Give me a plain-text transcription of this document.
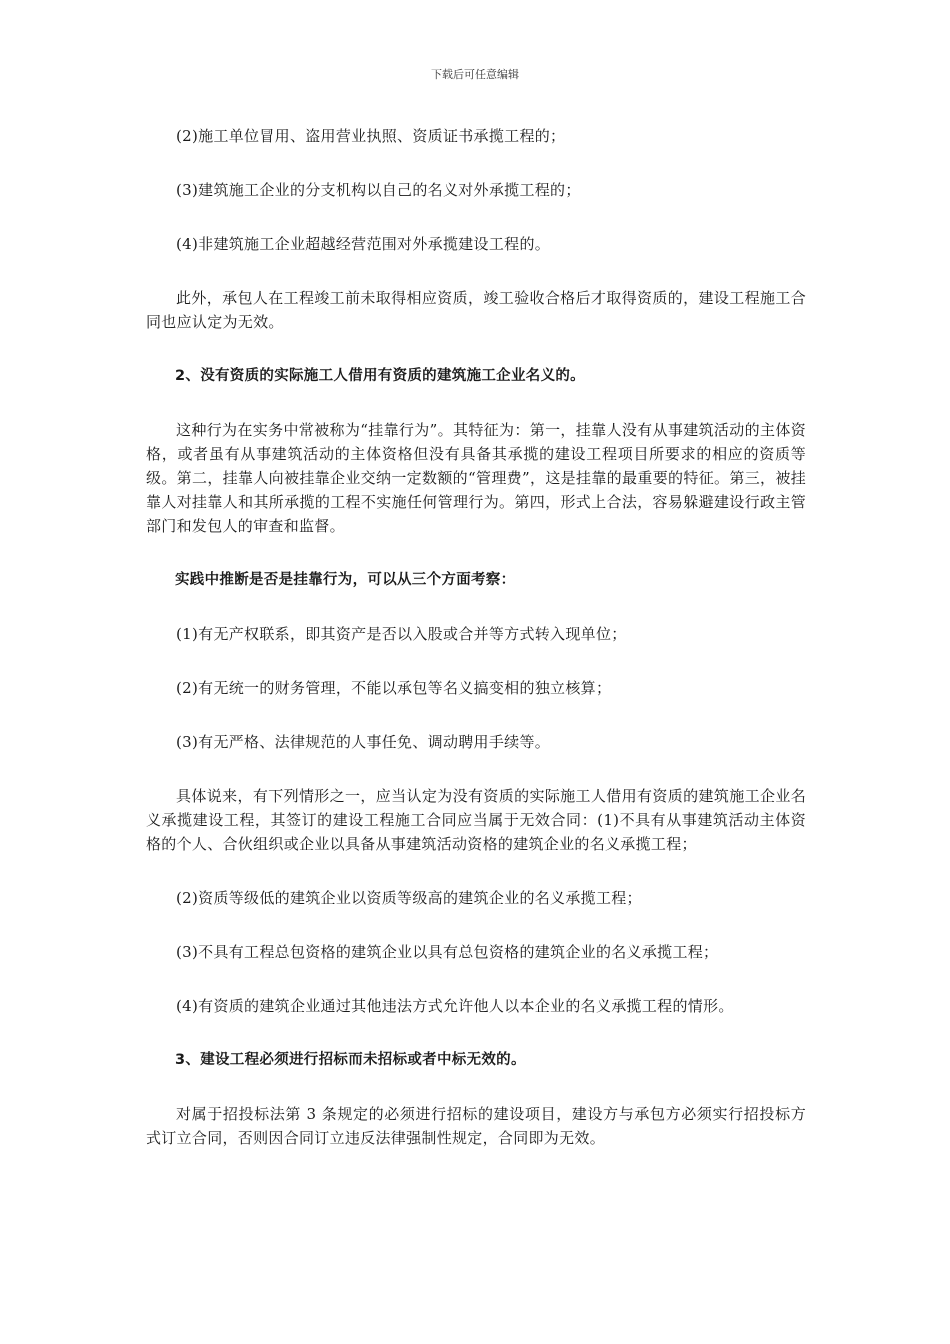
下载后可任意编辑

(2)施工单位冒用、盗用营业执照、资质证书承揽工程的；

(3)建筑施工企业的分支机构以自己的名义对外承揽工程的；

(4)非建筑施工企业超越经营范围对外承揽建设工程的。

此外，承包人在工程竣工前未取得相应资质，竣工验收合格后才取得资质的，建设工程施工合同也应认定为无效。

2、没有资质的实际施工人借用有资质的建筑施工企业名义的。

这种行为在实务中常被称为“挂靠行为”。其特征为：第一，挂靠人没有从事建筑活动的主体资格，或者虽有从事建筑活动的主体资格但没有具备其承揽的建设工程项目所要求的相应的资质等级。第二，挂靠人向被挂靠企业交纳一定数额的“管理费”，这是挂靠的最重要的特征。第三，被挂靠人对挂靠人和其所承揽的工程不实施任何管理行为。第四，形式上合法，容易躲避建设行政主管部门和发包人的审查和监督。

实践中推断是否是挂靠行为，可以从三个方面考察：

(1)有无产权联系，即其资产是否以入股或合并等方式转入现单位；

(2)有无统一的财务管理，不能以承包等名义搞变相的独立核算；

(3)有无严格、法律规范的人事任免、调动聘用手续等。

具体说来，有下列情形之一，应当认定为没有资质的实际施工人借用有资质的建筑施工企业名义承揽建设工程，其签订的建设工程施工合同应当属于无效合同：(1)不具有从事建筑活动主体资格的个人、合伙组织或企业以具备从事建筑活动资格的建筑企业的名义承揽工程；

(2)资质等级低的建筑企业以资质等级高的建筑企业的名义承揽工程；

(3)不具有工程总包资格的建筑企业以具有总包资格的建筑企业的名义承揽工程；

(4)有资质的建筑企业通过其他违法方式允许他人以本企业的名义承揽工程的情形。

3、建设工程必须进行招标而未招标或者中标无效的。

对属于招投标法第 3 条规定的必须进行招标的建设项目，建设方与承包方必须实行招投标方式订立合同，否则因合同订立违反法律强制性规定，合同即为无效。
